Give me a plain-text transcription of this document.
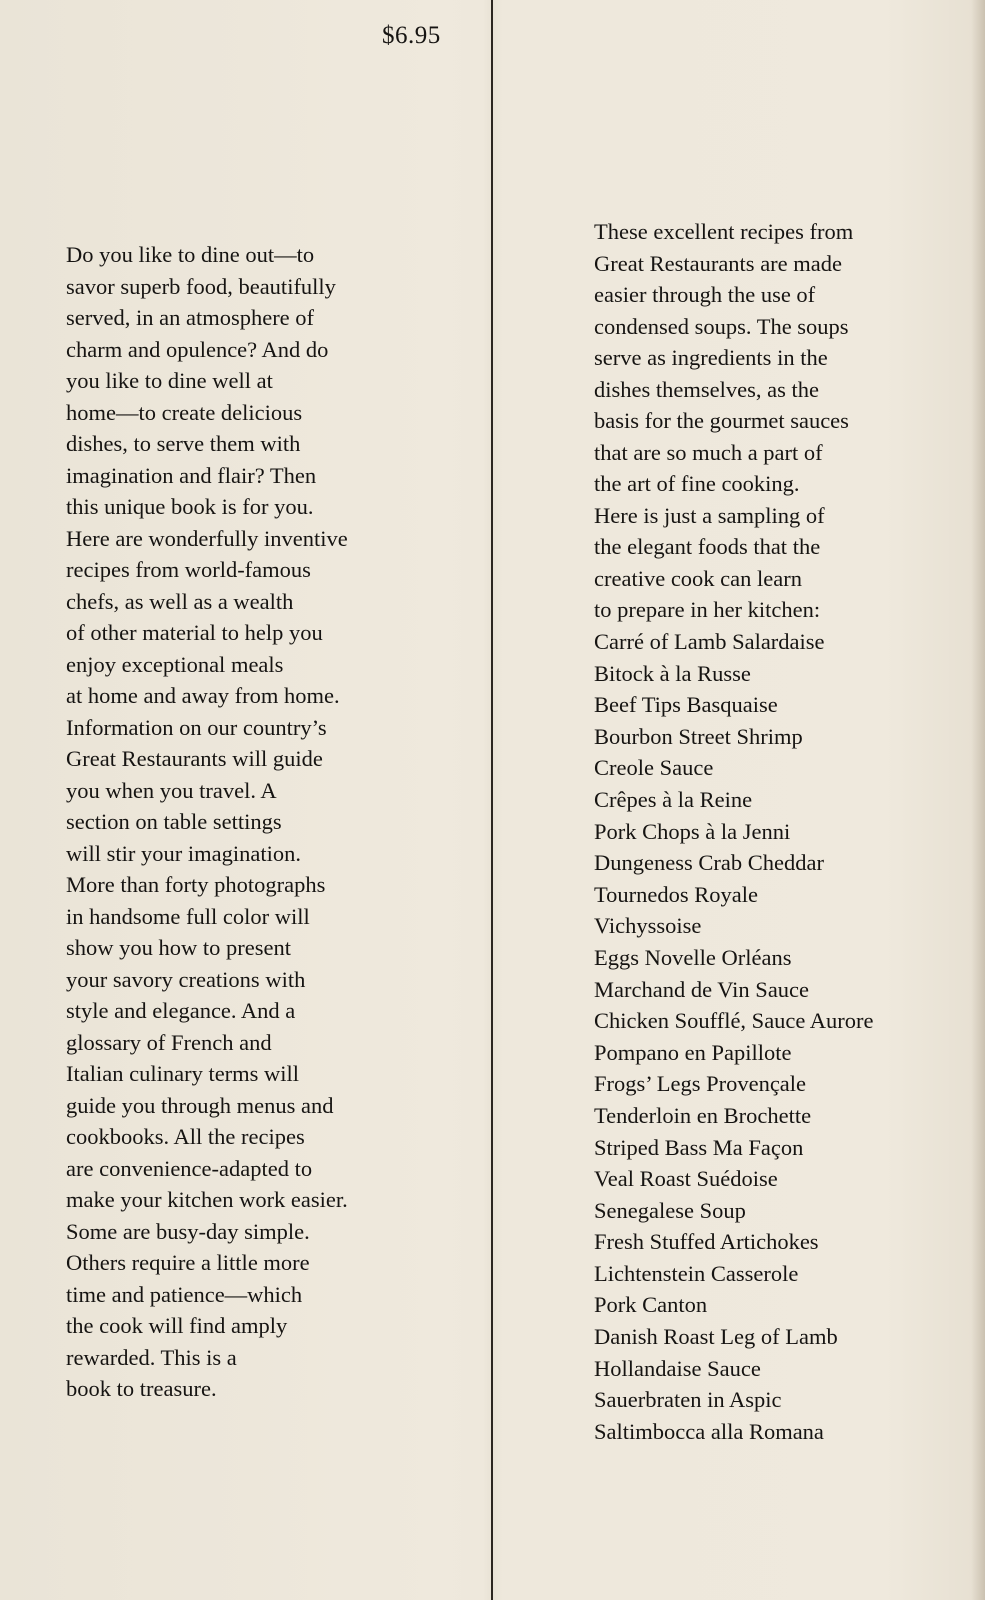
$6.95

Do you like to dine out—to
savor superb food, beautifully
served, in an atmosphere of
charm and opulence? And do
you like to dine well at
home—to create delicious
dishes, to serve them with
imagination and flair? Then
this unique book is for you.
Here are wonderfully inventive
recipes from world-famous
chefs, as well as a wealth
of other material to help you
enjoy exceptional meals
at home and away from home.
Information on our country’s
Great Restaurants will guide
you when you travel. A
section on table settings
will stir your imagination.
More than forty photographs
in handsome full color will
show you how to present
your savory creations with
style and elegance. And a
glossary of French and
Italian culinary terms will
guide you through menus and
cookbooks. All the recipes
are convenience-adapted to
make your kitchen work easier.
Some are busy-day simple.
Others require a little more
time and patience—which
the cook will find amply
rewarded. This is a
book to treasure.

These excellent recipes from
Great Restaurants are made
easier through the use of
condensed soups. The soups
serve as ingredients in the
dishes themselves, as the
basis for the gourmet sauces
that are so much a part of
the art of fine cooking.
Here is just a sampling of
the elegant foods that the
creative cook can learn
to prepare in her kitchen:

Carré of Lamb Salardaise
Bitock à la Russe
Beef Tips Basquaise
Bourbon Street Shrimp
Creole Sauce
Crêpes à la Reine
Pork Chops à la Jenni
Dungeness Crab Cheddar
Tournedos Royale
Vichyssoise
Eggs Novelle Orléans
Marchand de Vin Sauce
Chicken Soufflé, Sauce Aurore
Pompano en Papillote
Frogs’ Legs Provençale
Tenderloin en Brochette
Striped Bass Ma Façon
Veal Roast Suédoise
Senegalese Soup
Fresh Stuffed Artichokes
Lichtenstein Casserole
Pork Canton
Danish Roast Leg of Lamb
Hollandaise Sauce
Sauerbraten in Aspic
Saltimbocca alla Romana
